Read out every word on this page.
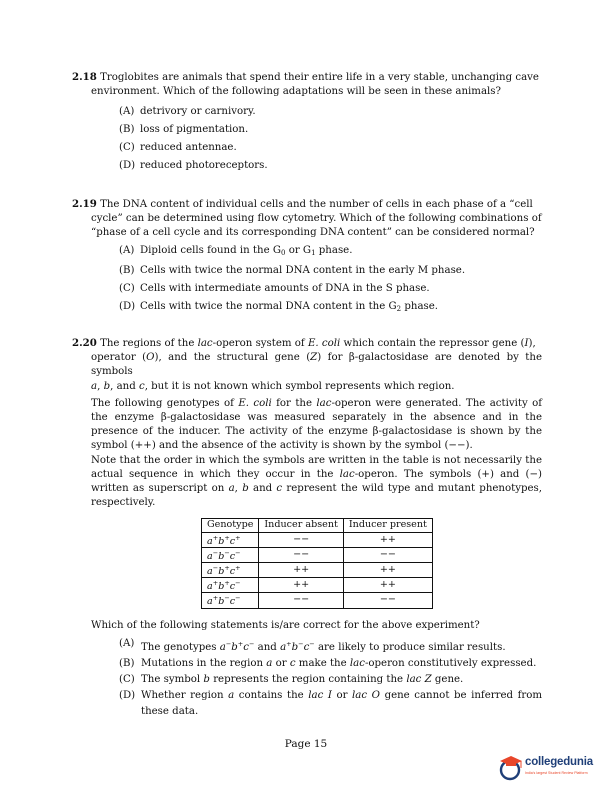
2.18 Troglobites are animals that spend their entire life in a very stable, unchanging cave

environment. Which of the following adaptations will be seen in these animals?

(A) detrivory or carnivory.
(B) loss of pigmentation.
(C) reduced antennae.
(D) reduced photoreceptors.

2.19 The DNA content of individual cells and the number of cells in each phase of a “cell

cycle” can be determined using flow cytometry. Which of the following combinations of

“phase of a cell cycle and its corresponding DNA content” can be considered normal?

(A) Diploid cells found in the $G_0$ or $G_1$ phase.
(B) Cells with twice the normal DNA content in the early M phase.
(C) Cells with intermediate amounts of DNA in the S phase.
(D) Cells with twice the normal DNA content in the $G_2$ phase.

2.20 The regions of the lac-operon system of E. coli which contain the repressor gene (I),

operator (O), and the structural gene (Z) for β-galactosidase are denoted by the symbols

a, b, and c, but it is not known which symbol represents which region.

The following genotypes of E. coli for the lac-operon were generated. The activity of the enzyme β-galactosidase was measured separately in the absence and in the presence of the inducer. The activity of the enzyme β-galactosidase is shown by the symbol (++) and the absence of the activity is shown by the symbol (−−).

Note that the order in which the symbols are written in the table is not necessarily the actual sequence in which they occur in the lac-operon. The symbols (+) and (−) written as superscript on a, b and c represent the wild type and mutant phenotypes, respectively.

Genotype	Inducer absent	Inducer present
a+b+c+	−−	++
a−b−c−	−−	−−
a−b+c+	++	++
a+b+c−	++	++
a+b−c−	−−	−−

Which of the following statements is/are correct for the above experiment?

(A) The genotypes a−b+c− and a+b−c− are likely to produce similar results.
(B) Mutations in the region a or c make the lac-operon constitutively expressed.
(C) The symbol b represents the region containing the lac Z gene.
(D) Whether region a contains the lac I or lac O gene cannot be inferred from these data.
Page 15
collegedunia
India's largest Student Review Platform
